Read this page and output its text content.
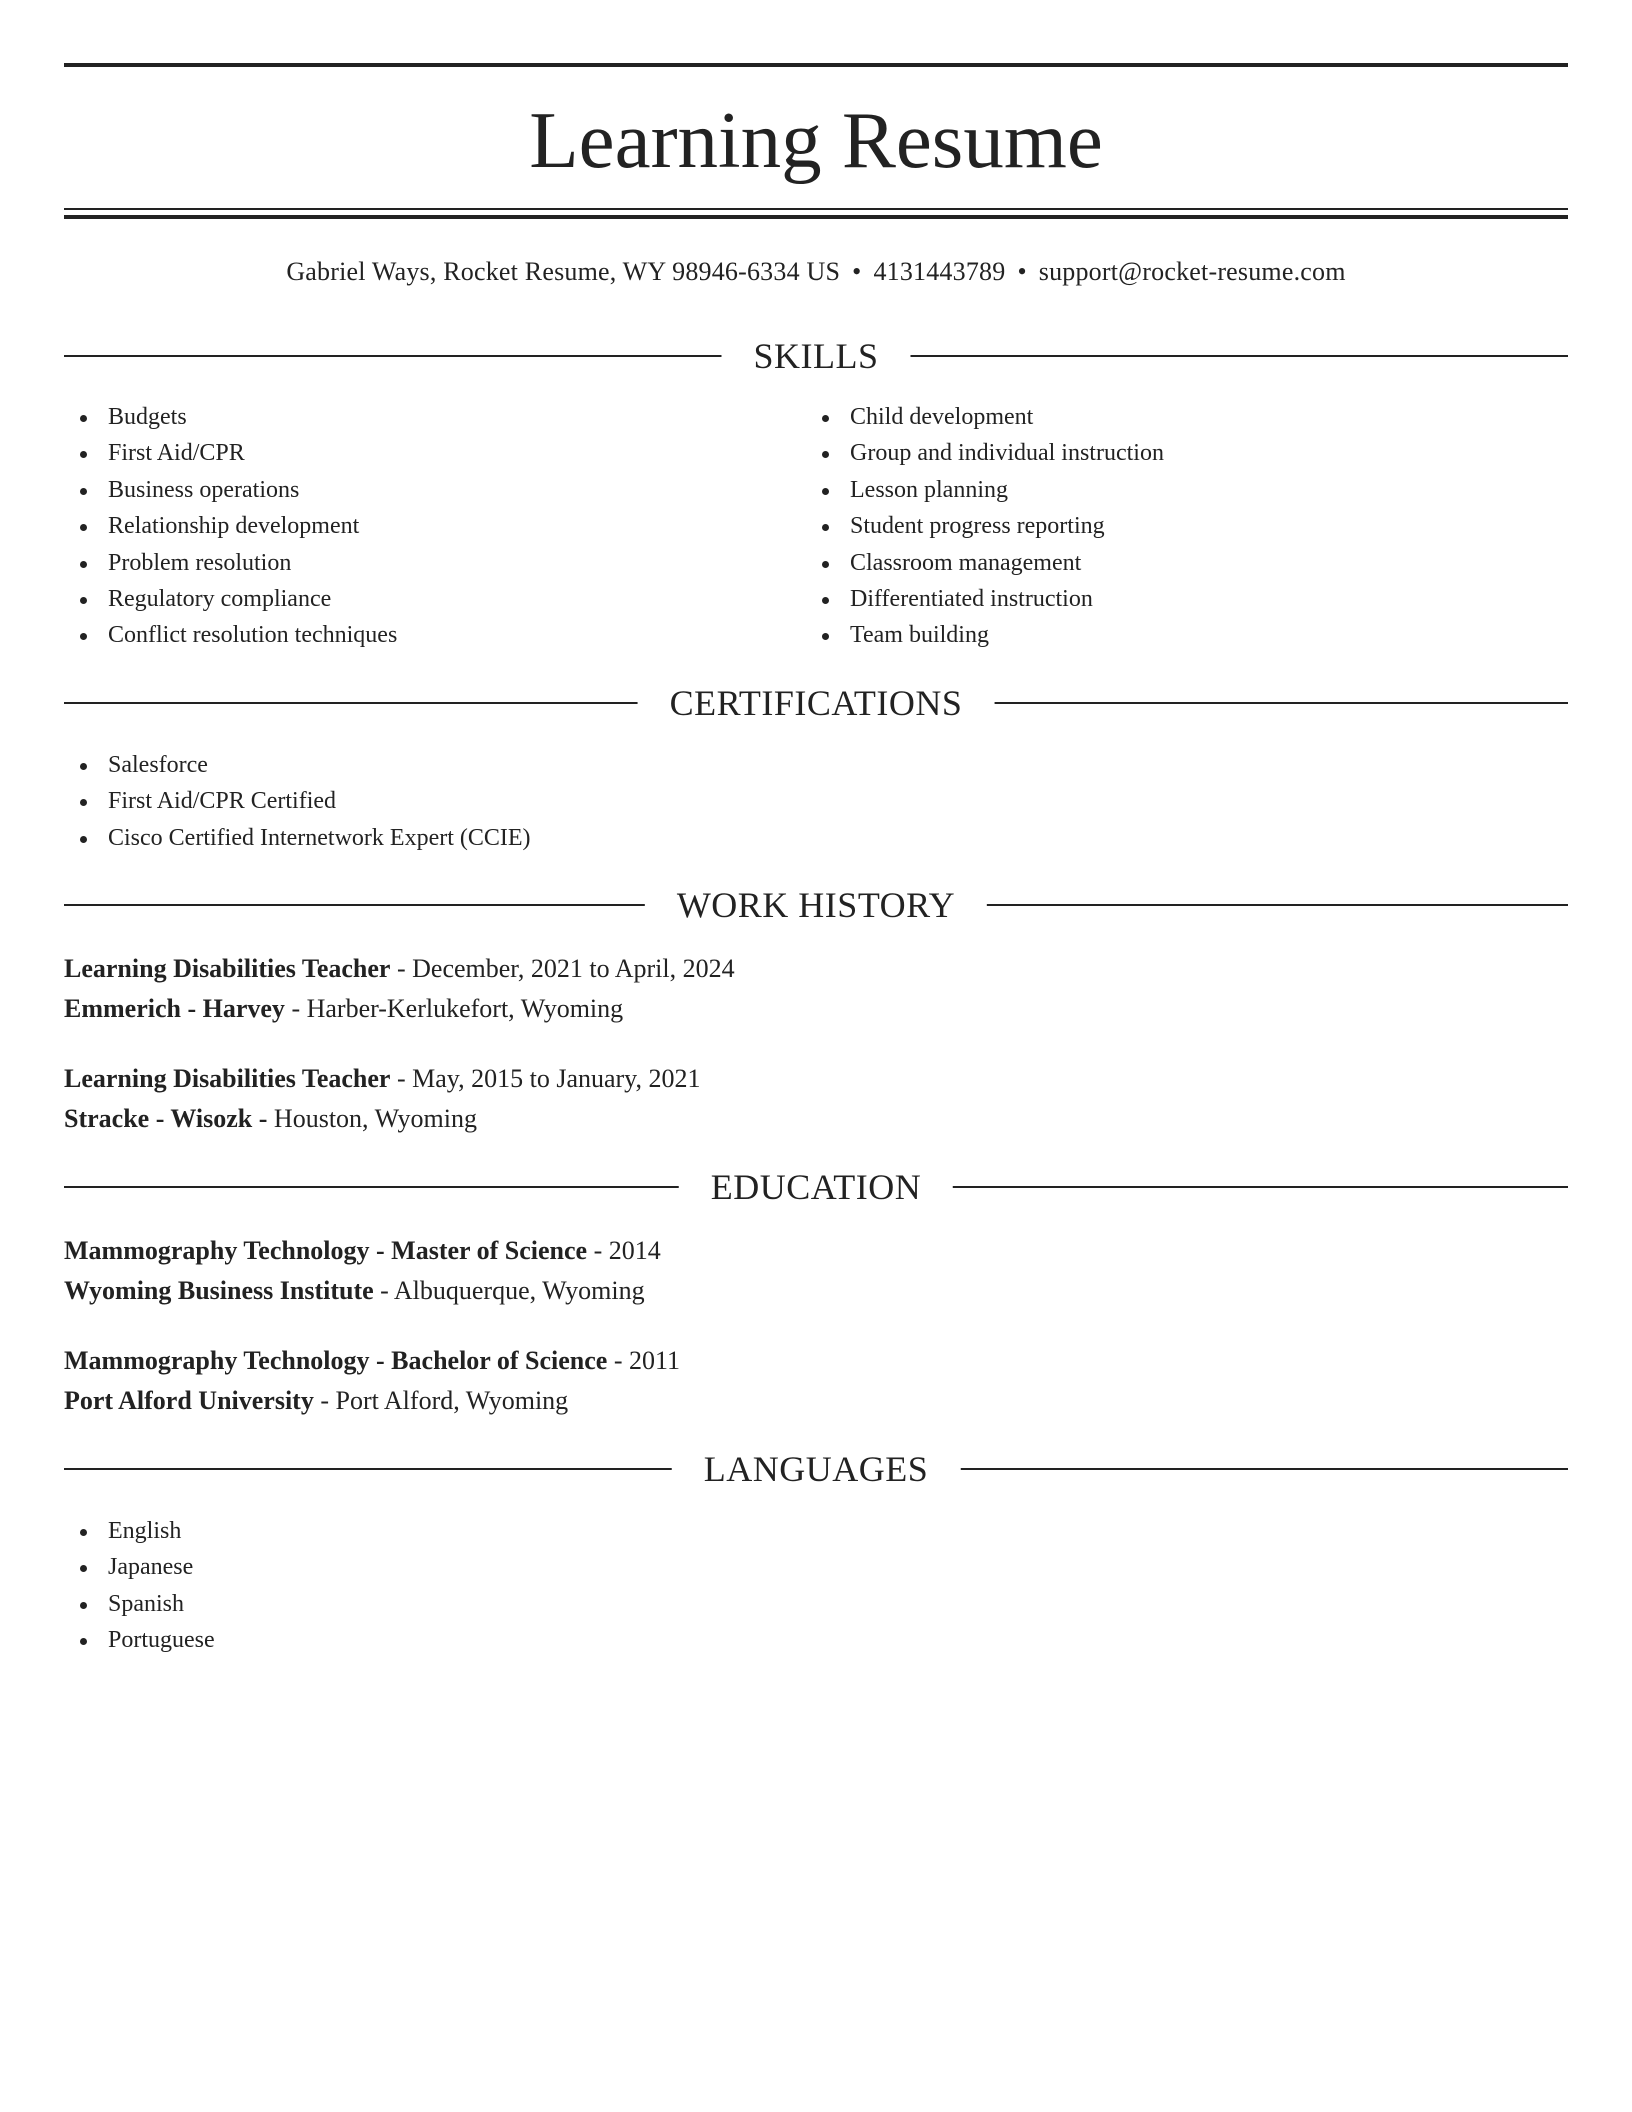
Learning Resume
Gabriel Ways, Rocket Resume, WY 98946-6334 US • 4131443789 • support@rocket-resume.com
SKILLS
Budgets
First Aid/CPR
Business operations
Relationship development
Problem resolution
Regulatory compliance
Conflict resolution techniques
Child development
Group and individual instruction
Lesson planning
Student progress reporting
Classroom management
Differentiated instruction
Team building
CERTIFICATIONS
Salesforce
First Aid/CPR Certified
Cisco Certified Internetwork Expert (CCIE)
WORK HISTORY
Learning Disabilities Teacher - December, 2021 to April, 2024
Emmerich - Harvey - Harber-Kerlukefort, Wyoming
Learning Disabilities Teacher - May, 2015 to January, 2021
Stracke - Wisozk - Houston, Wyoming
EDUCATION
Mammography Technology - Master of Science - 2014
Wyoming Business Institute - Albuquerque, Wyoming
Mammography Technology - Bachelor of Science - 2011
Port Alford University - Port Alford, Wyoming
LANGUAGES
English
Japanese
Spanish
Portuguese
